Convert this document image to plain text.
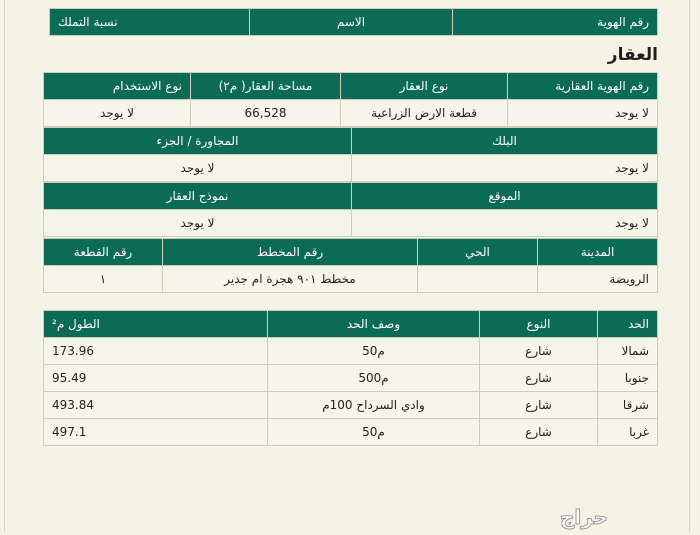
رقم الهوية	الاسم	نسبة التملك
العقار
رقم الهوية العقارية	نوع العقار	مساحة العقار( م٢)	نوع الاستخدام
لا يوجد	قطعة الارض الزراعية	66,528	لا يوجد
البلك	المجاورة / الجزء
لا يوجد	لا يوجد
الموقع	نموذج العقار
لا يوجد	لا يوجد
المدينة	الحي	رقم المخطط	رقم القطعة
الرويضة		مخطط ٩٠١ هجرة ام جدير	١
الحد	النوع	وصف الحد	الطول م²
شمالا	شارع	م50	173.96
جنوبا	شارع	م500	95.49
شرقا	شارع	وادي السرداح 100م	493.84
غربا	شارع	م50	497.1
حراج
